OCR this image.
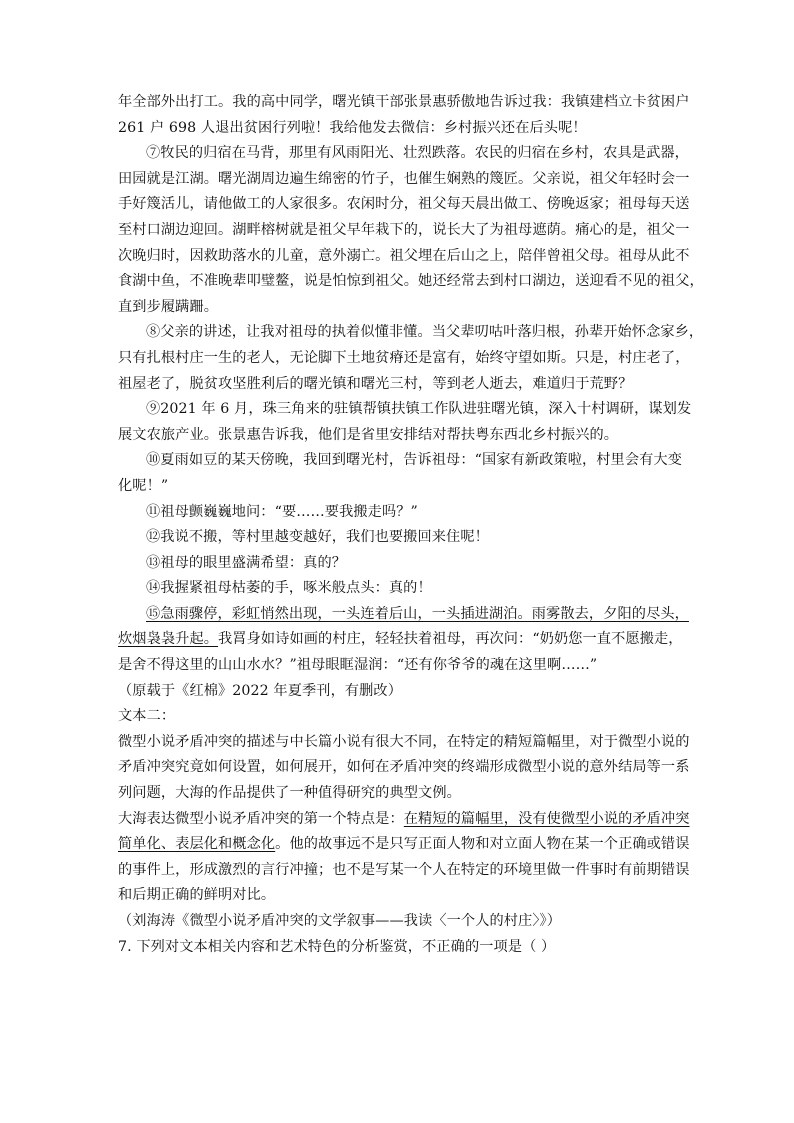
年全部外出打工。我的高中同学，曙光镇干部张景惠骄傲地告诉过我：我镇建档立卡贫困户
261 户 698 人退出贫困行列啦！我给他发去微信：乡村振兴还在后头呢！
⑦牧民的归宿在马背，那里有风雨阳光、壮烈跌落。农民的归宿在乡村，农具是武器，
田园就是江湖。曙光湖周边遍生绵密的竹子，也催生娴熟的篾匠。父亲说，祖父年轻时会一
手好篾活儿，请他做工的人家很多。农闲时分，祖父每天晨出做工、傍晚返家；祖母每天送
至村口湖边迎回。湖畔榕树就是祖父早年栽下的，说长大了为祖母遮荫。痛心的是，祖父一
次晚归时，因救助落水的儿童，意外溺亡。祖父埋在后山之上，陪伴曾祖父母。祖母从此不
食湖中鱼，不准晚辈叩璧鳌，说是怕惊到祖父。她还经常去到村口湖边，送迎看不见的祖父，
直到步履蹒跚。
⑧父亲的讲述，让我对祖母的执着似懂非懂。当父辈叨咕叶落归根，孙辈开始怀念家乡，
只有扎根村庄一生的老人，无论脚下土地贫瘠还是富有，始终守望如斯。只是，村庄老了，
祖屋老了，脱贫攻坚胜利后的曙光镇和曙光三村，等到老人逝去，难道归于荒野？
⑨2021 年 6 月，珠三角来的驻镇帮镇扶镇工作队进驻曙光镇，深入十村调研，谋划发
展文农旅产业。张景惠告诉我，他们是省里安排结对帮扶粤东西北乡村振兴的。
⑩夏雨如豆的某天傍晚，我回到曙光村，告诉祖母：“国家有新政策啦，村里会有大变
化呢！”
⑪祖母颤巍巍地问：“要……要我搬走吗？”
⑫我说不搬，等村里越变越好，我们也要搬回来住呢！
⑬祖母的眼里盛满希望：真的？
⑭我握紧祖母枯萎的手，啄米般点头：真的！
⑮急雨骤停，彩虹悄然出现，一头连着后山，一头插进湖泊。雨雾散去，夕阳的尽头，
炊烟袅袅升起。我罥身如诗如画的村庄，轻轻扶着祖母，再次问：“奶奶您一直不愿搬走，
是舍不得这里的山山水水？”祖母眼眶湿润：“还有你爷爷的魂在这里啊……”
（原载于《红棉》2022 年夏季刊，有删改）
文本二：
微型小说矛盾冲突的描述与中长篇小说有很大不同，在特定的精短篇幅里，对于微型小说的
矛盾冲突究竟如何设置，如何展开，如何在矛盾冲突的终端形成微型小说的意外结局等一系
列问题，大海的作品提供了一种值得研究的典型文例。
大海表达微型小说矛盾冲突的第一个特点是：在精短的篇幅里，没有使微型小说的矛盾冲突
简单化、表层化和概念化。他的故事远不是只写正面人物和对立面人物在某一个正确或错误
的事件上，形成激烈的言行冲撞；也不是写某一个人在特定的环境里做一件事时有前期错误
和后期正确的鲜明对比。
（刘海涛《微型小说矛盾冲突的文学叙事——我读〈一个人的村庄〉》）
7. 下列对文本相关内容和艺术特色的分析鉴赏，不正确的一项是（ ）
